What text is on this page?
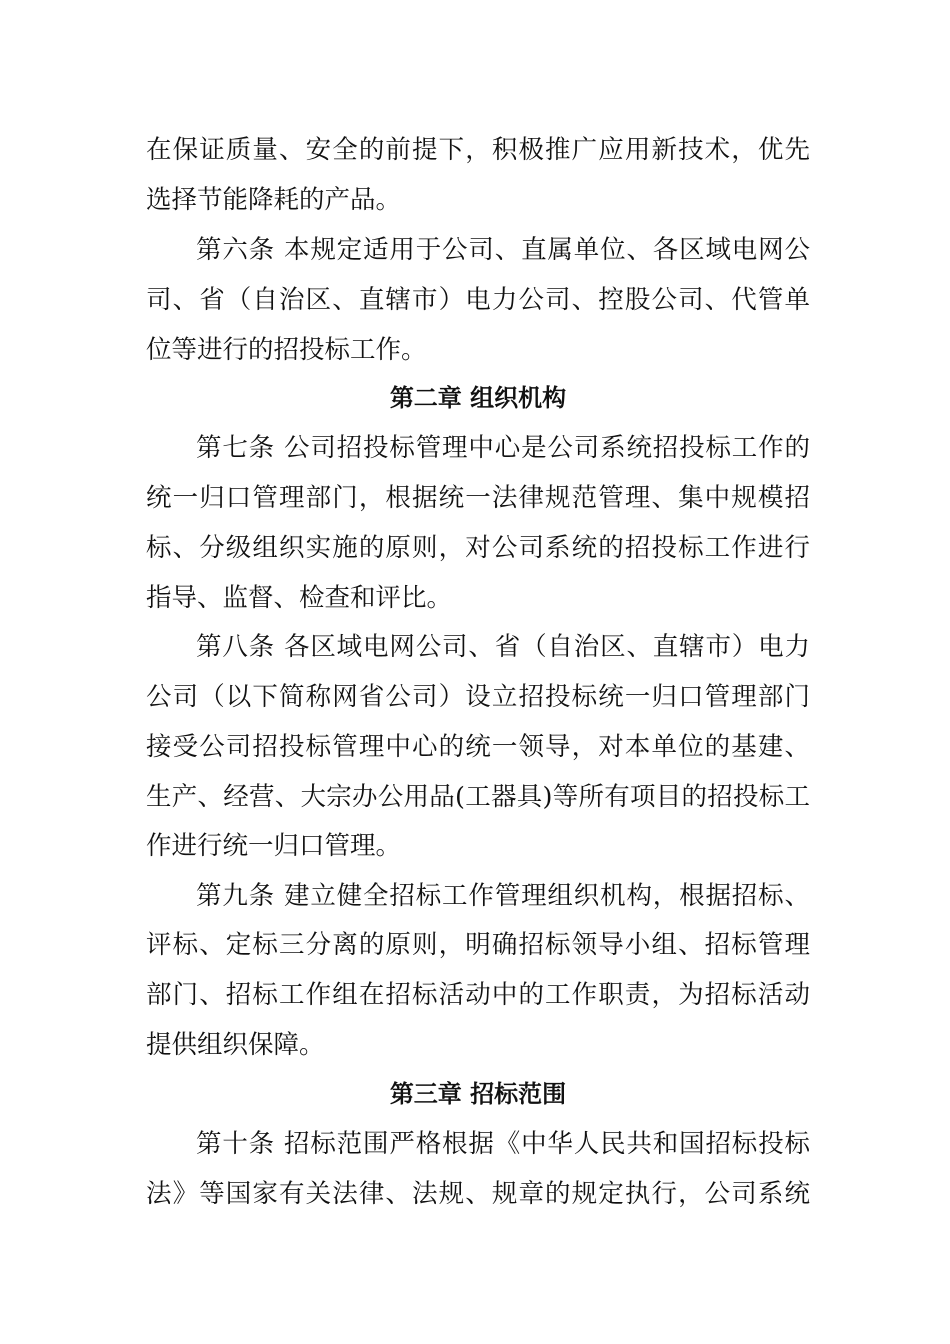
在保证质量、安全的前提下，积极推广应用新技术，优先
选择节能降耗的产品。
第六条 本规定适用于公司、直属单位、各区域电网公
司、省（自治区、直辖市）电力公司、控股公司、代管单
位等进行的招投标工作。
第二章 组织机构
第七条 公司招投标管理中心是公司系统招投标工作的
统一归口管理部门，根据统一法律规范管理、集中规模招
标、分级组织实施的原则，对公司系统的招投标工作进行
指导、监督、检查和评比。
第八条 各区域电网公司、省（自治区、直辖市）电力
公司（以下简称网省公司）设立招投标统一归口管理部门
接受公司招投标管理中心的统一领导，对本单位的基建、
生产、经营、大宗办公用品(工器具)等所有项目的招投标工
作进行统一归口管理。
第九条 建立健全招标工作管理组织机构，根据招标、
评标、定标三分离的原则，明确招标领导小组、招标管理
部门、招标工作组在招标活动中的工作职责，为招标活动
提供组织保障。
第三章 招标范围
第十条 招标范围严格根据《中华人民共和国招标投标
法》等国家有关法律、法规、规章的规定执行，公司系统
